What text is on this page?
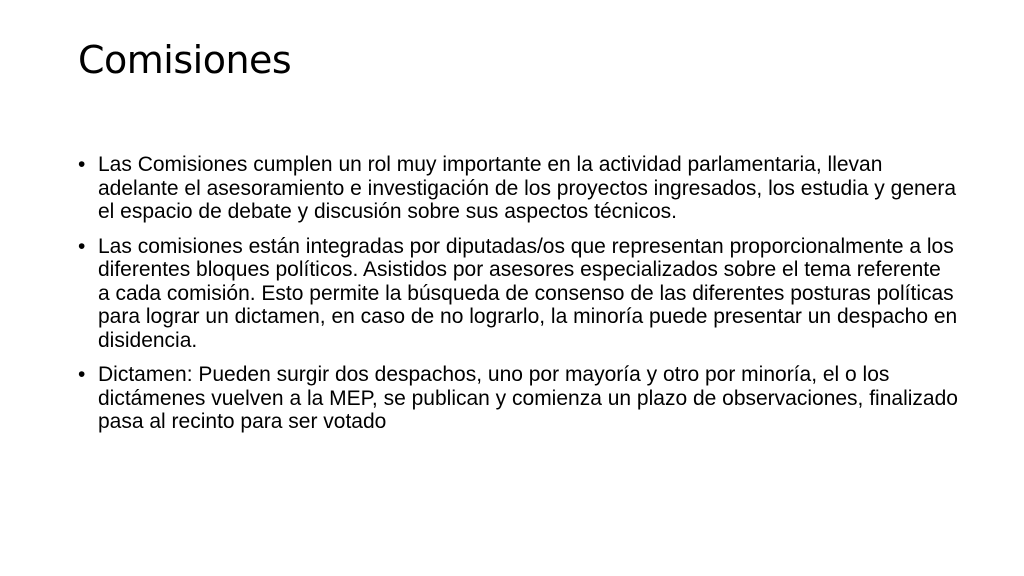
Comisiones
• Las Comisiones cumplen un rol muy importante en la actividad parlamentaria, llevan adelante el asesoramiento e investigación de los proyectos ingresados, los estudia y genera el espacio de debate y discusión sobre sus aspectos técnicos.
• Las comisiones están integradas por diputadas/os que representan proporcionalmente a los diferentes bloques políticos. Asistidos por asesores especializados sobre el tema referente a cada comisión. Esto permite la búsqueda de consenso de las diferentes posturas políticas para lograr un dictamen, en caso de no lograrlo, la minoría puede presentar un despacho en disidencia.
• Dictamen: Pueden surgir dos despachos, uno por mayoría y otro por minoría, el o los dictámenes vuelven a la MEP, se publican y comienza un plazo de observaciones, finalizado pasa al recinto para ser votado
